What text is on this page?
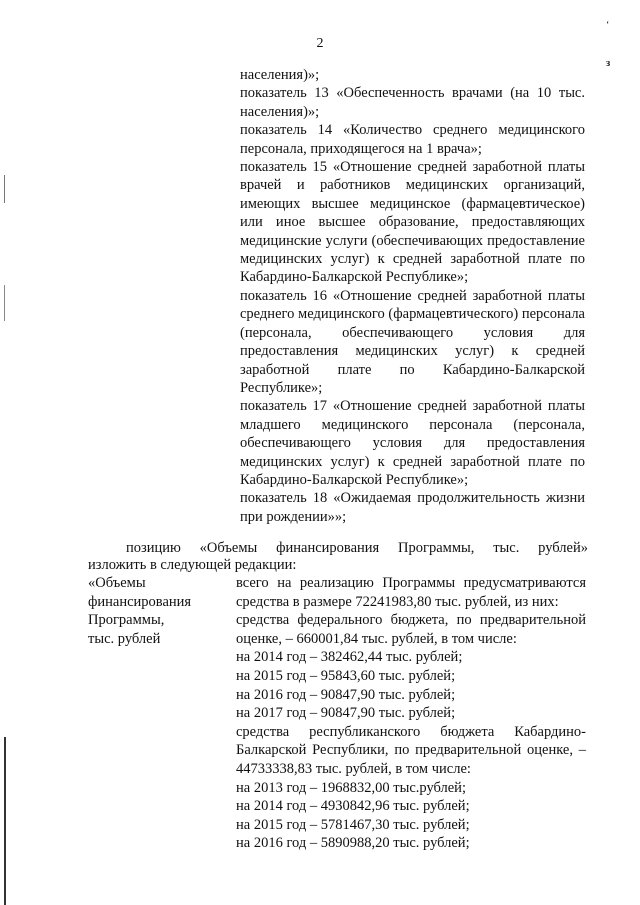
2
ʻ
ɜ

населения)»;

показатель 13 «Обеспеченность врачами (на 10 тыс. населения)»;

показатель 14 «Количество среднего медицинского персонала, приходящегося на 1 врача»;

показатель 15 «Отношение средней заработной платы врачей и работников медицинских организаций, имеющих высшее медицинское (фармацевтическое) или иное высшее образование, предоставляющих медицинские услуги (обеспечивающих предоставление медицинских услуг) к средней заработной плате по Кабардино-Балкарской Республике»;

показатель 16 «Отношение средней заработной платы среднего медицинского (фармацевтического) персонала (персонала, обеспечивающего условия для предоставления медицинских услуг) к средней заработной плате по Кабардино-Балкарской Республике»;

показатель 17 «Отношение средней заработной платы младшего медицинского персонала (персонала, обеспечивающего условия для предоставления медицинских услуг) к средней заработной плате по Кабардино-Балкарской Республике»;

показатель 18 «Ожидаемая продолжительность жизни при рождении»»;

позицию «Объемы финансирования Программы, тыс. рублей»

изложить в следующей редакции:

«Объемы

финансирования

Программы,

тыс. рублей

всего на реализацию Программы предусматриваются средства в размере 72241983,80 тыс. рублей, из них:

средства федерального бюджета, по предварительной оценке, – 660001,84 тыс. рублей, в том числе:

на 2014 год – 382462,44 тыс. рублей;

на 2015 год – 95843,60 тыс. рублей;

на 2016 год – 90847,90 тыс. рублей;

на 2017 год – 90847,90 тыс. рублей;

средства республиканского бюджета Кабардино-Балкарской Республики, по предварительной оценке, – 44733338,83 тыс. рублей, в том числе:

на 2013 год – 1968832,00 тыс.рублей;

на 2014 год – 4930842,96 тыс. рублей;

на 2015 год – 5781467,30 тыс. рублей;

на 2016 год – 5890988,20 тыс. рублей;
